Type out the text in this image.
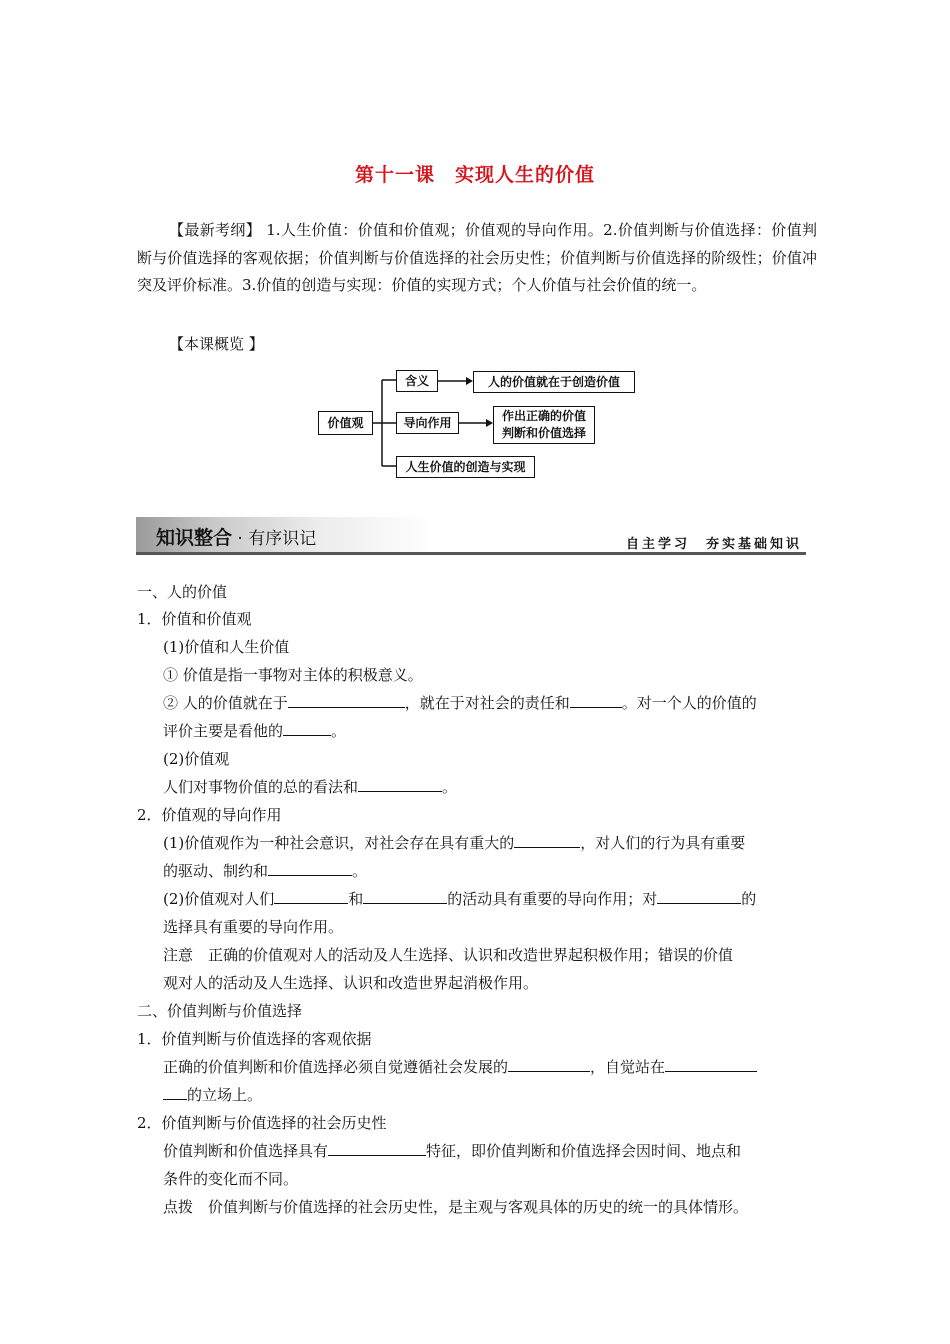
第十一课　实现人生的价值
【最新考纲】 1.人生价值：价值和价值观；价值观的导向作用。2.价值判断与价值选择：价值判断与价值选择的客观依据；价值判断与价值选择的社会历史性；价值判断与价值选择的阶级性；价值冲突及评价标准。3.价值的创造与实现：价值的实现方式；个人价值与社会价值的统一。
【本课概览 】
价值观
含义	人的价值就在于创造价值
导向作用	作出正确的价值
判断和价值选择
人生价值的创造与实现
知识整合 · 有序识记	自主学习　夯实基础知识
一、人的价值
1．价值和价值观
(1)价值和人生价值
① 价值是指一事物对主体的积极意义。
② 人的价值就在于	，就在于对社会的责任和	。对一个人的价值的
评价主要是看他的	。
(2)价值观
人们对事物价值的总的看法和	。
2．价值观的导向作用
(1)价值观作为一种社会意识，对社会存在具有重大的	，对人们的行为具有重要
的驱动、制约和	。
(2)价值观对人们	和	的活动具有重要的导向作用；对	的
选择具有重要的导向作用。
注意　正确的价值观对人的活动及人生选择、认识和改造世界起积极作用；错误的价值
观对人的活动及人生选择、认识和改造世界起消极作用。
二、价值判断与价值选择
1．价值判断与价值选择的客观依据
正确的价值判断和价值选择必须自觉遵循社会发展的	，自觉站在
的立场上。
2．价值判断与价值选择的社会历史性
价值判断和价值选择具有	特征，即价值判断和价值选择会因时间、地点和
条件的变化而不同。
点拨　价值判断与价值选择的社会历史性，是主观与客观具体的历史的统一的具体情形。
